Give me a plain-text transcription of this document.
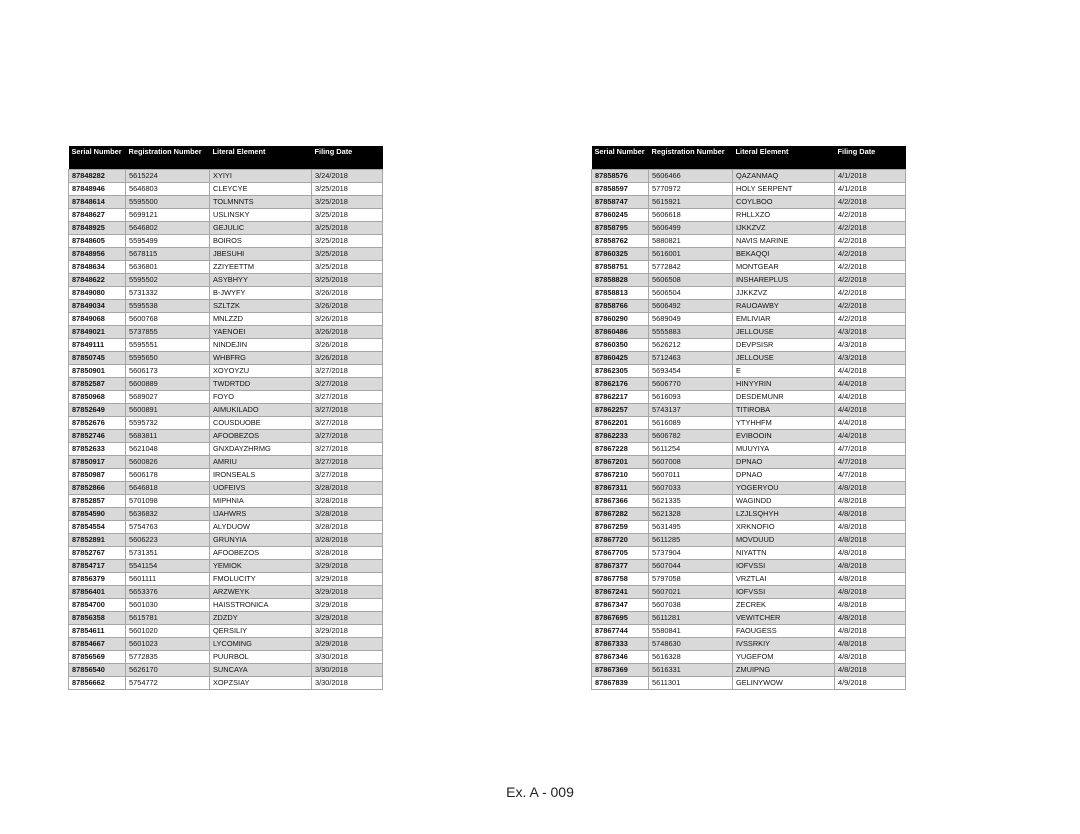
Serial Number	Registration Number	Literal Element	Filing Date
87848282	5615224	XYIYI	3/24/2018
87848946	5646803	CLEYCYE	3/25/2018
87848614	5595500	TOLMNNTS	3/25/2018
87848627	5699121	USLINSKY	3/25/2018
87848925	5646802	GEJULIC	3/25/2018
87848605	5595499	BOIROS	3/25/2018
87848956	5678115	JBESUHI	3/25/2018
87848634	5636801	ZZIYEETTM	3/25/2018
87848622	5595502	ASYBHYY	3/25/2018
87849080	5731332	B-JWYFY	3/26/2018
87849034	5595538	SZLTZK	3/26/2018
87849068	5600768	MNLZZD	3/26/2018
87849021	5737855	YAENOEI	3/26/2018
87849111	5595551	NINDEJIN	3/26/2018
87850745	5595650	WHBFRG	3/26/2018
87850901	5606173	XOYOYZU	3/27/2018
87852587	5600889	TWDRTDD	3/27/2018
87850968	5689027	FOYO	3/27/2018
87852649	5600891	AIMUKILADO	3/27/2018
87852676	5595732	COUSDUOBE	3/27/2018
87852746	5683811	AFOOBEZOS	3/27/2018
87852633	5621048	GNXDAYZHRMG	3/27/2018
87850917	5600826	AMRIU	3/27/2018
87850987	5606178	IRONSEALS	3/27/2018
87852866	5646818	UOFEIVS	3/28/2018
87852857	5701098	MIPHNIA	3/28/2018
87854590	5636832	IJAHWRS	3/28/2018
87854554	5754763	ALYDUOW	3/28/2018
87852891	5606223	GRUNYIA	3/28/2018
87852767	5731351	AFOOBEZOS	3/28/2018
87854717	5541154	YEMIOK	3/29/2018
87856379	5601111	FMOLUCITY	3/29/2018
87856401	5653376	ARZWEYK	3/29/2018
87854700	5601030	HAISSTRONICA	3/29/2018
87856358	5615781	ZDZDY	3/29/2018
87854611	5601020	QERSILIY	3/29/2018
87854667	5601023	LYCOMING	3/29/2018
87856569	5772835	PUURBOL	3/30/2018
87856540	5626170	SUNCAYA	3/30/2018
87856662	5754772	XOPZSIAY	3/30/2018
Serial Number	Registration Number	Literal Element	Filing Date
87858576	5606466	QAZANMAQ	4/1/2018
87858597	5770972	HOLY SERPENT	4/1/2018
87858747	5615921	COYLBOO	4/2/2018
87860245	5606618	RHLLXZO	4/2/2018
87858795	5606499	IJKKZVZ	4/2/2018
87858762	5880821	NAVIS MARINE	4/2/2018
87860325	5616001	BEKAQQI	4/2/2018
87858751	5772842	MONTGEAR	4/2/2018
87858828	5606508	INSHAREPLUS	4/2/2018
87858813	5606504	JJKKZVZ	4/2/2018
87858766	5606492	RAUOAWBY	4/2/2018
87860290	5689049	EMLIVIAR	4/2/2018
87860486	5555883	JELLOUSE	4/3/2018
87860350	5626212	DEVPSISR	4/3/2018
87860425	5712463	JELLOUSE	4/3/2018
87862305	5693454	E	4/4/2018
87862176	5606770	HINYYRIN	4/4/2018
87862217	5616093	DESDEMUNR	4/4/2018
87862257	5743137	TITIROBA	4/4/2018
87862201	5616089	YTYHHFM	4/4/2018
87862233	5606782	EVIBOOIN	4/4/2018
87867228	5611254	MUUYIYA	4/7/2018
87867201	5607008	DPNAO	4/7/2018
87867210	5607011	DPNAO	4/7/2018
87867311	5607033	YOGERYOU	4/8/2018
87867366	5621335	WAGINDD	4/8/2018
87867282	5621328	LZJLSQHYH	4/8/2018
87867259	5631495	XRKNOFIO	4/8/2018
87867720	5611285	MOVDUUD	4/8/2018
87867705	5737904	NIYATTN	4/8/2018
87867377	5607044	IOFVSSI	4/8/2018
87867758	5797058	VRZTLAI	4/8/2018
87867241	5607021	IOFVSSI	4/8/2018
87867347	5607038	ZECREK	4/8/2018
87867695	5611281	VEWITCHER	4/8/2018
87867744	5580841	FAOUGESS	4/8/2018
87867333	5748630	IVSSRKIY	4/8/2018
87867346	5616328	YUGEFOM	4/8/2018
87867369	5616331	ZMUIPNG	4/8/2018
87867839	5611301	GELINYWOW	4/9/2018
Ex. A - 009
